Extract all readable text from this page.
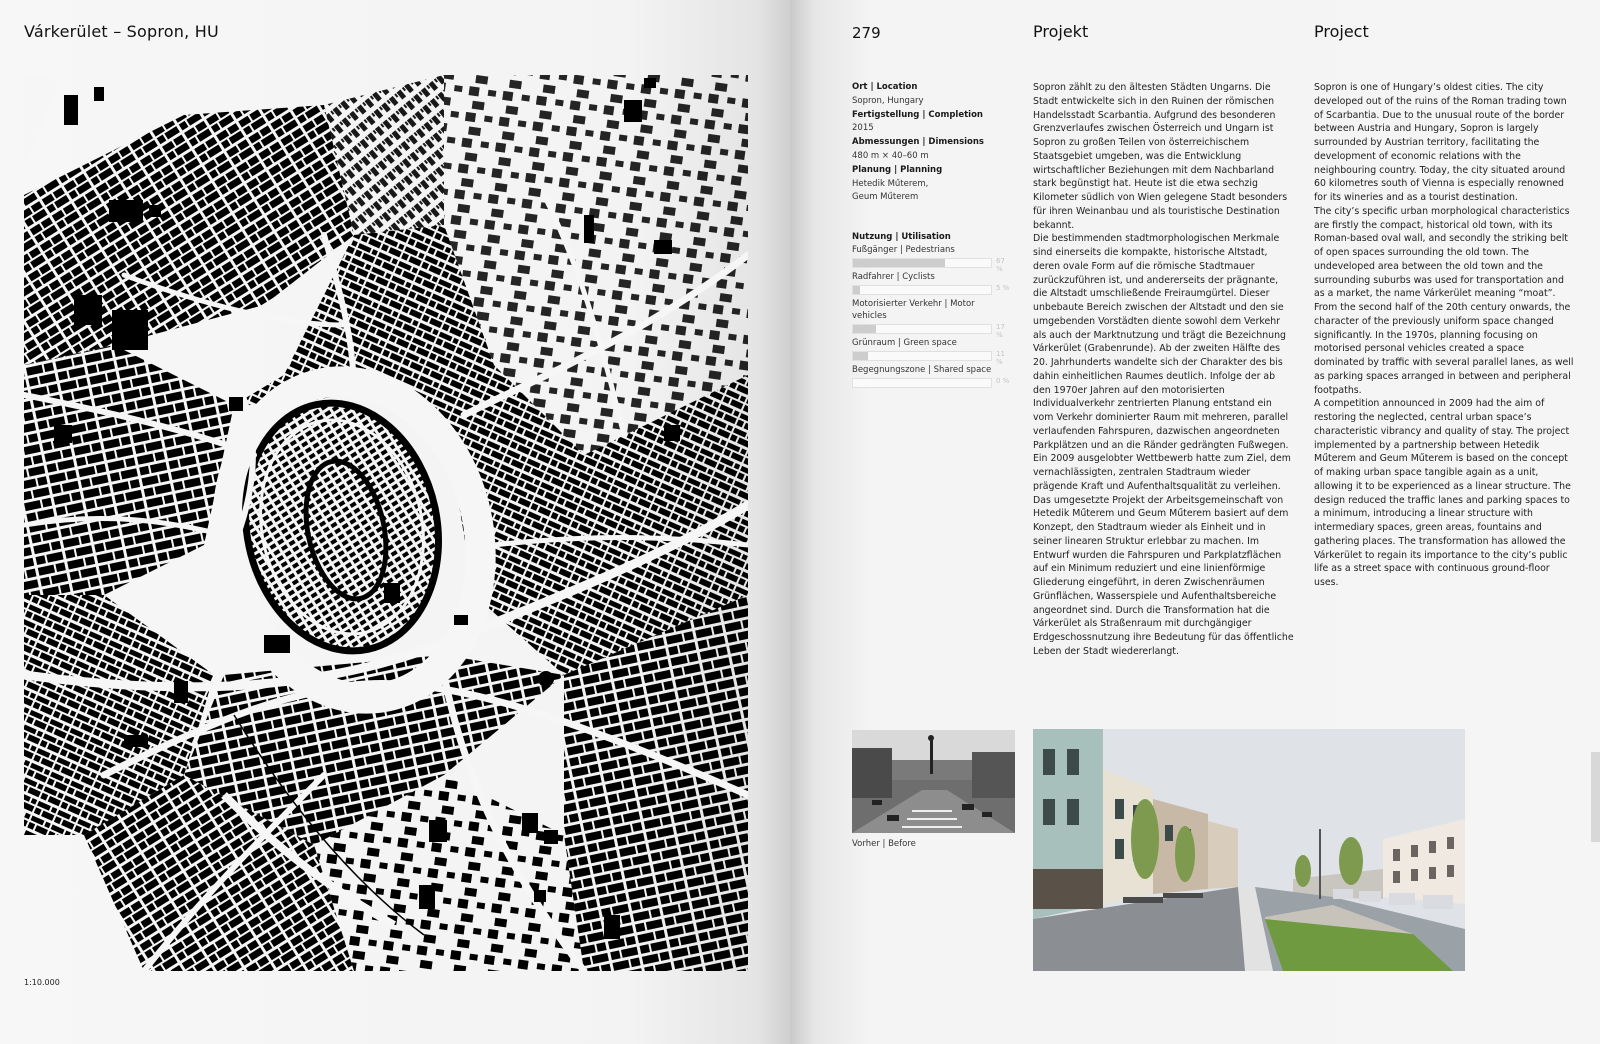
Várkerület – Sopron, HU
1:10.000
279	Projekt	Project
Ort | Location
Sopron, Hungary
Fertigstellung | Completion
2015
Abmessungen | Dimensions
480 m × 40–60 m
Planung | Planning
Hetedik Műterem,
Geum Műterem
Nutzung | Utilisation
Fußgänger | Pedestrians
67 %
Radfahrer | Cyclists
5 %
Motorisierter Verkehr | Motor vehicles
17 %
Grünraum | Green space
11 %
Begegnungszone | Shared space
0 %

Sopron zählt zu den ältesten Städten Ungarns. Die Stadt entwickelte sich in den Ruinen der römischen Handelsstadt Scarbantia. Aufgrund des besonderen Grenzverlaufes zwischen Österreich und Ungarn ist Sopron zu großen Teilen von österreichischem Staatsgebiet umgeben, was die Entwicklung wirtschaftlicher Beziehungen mit dem Nachbarland stark begünstigt hat. Heute ist die etwa sechzig Kilometer südlich von Wien gelegene Stadt besonders für ihren Weinanbau und als touristische Destination bekannt.

Die bestimmenden stadtmorphologischen Merkmale sind einerseits die kompakte, historische Altstadt, deren ovale Form auf die römische Stadtmauer zurückzuführen ist, und andererseits der prägnante, die Altstadt umschließende Freiraumgürtel. Dieser unbebaute Bereich zwischen der Altstadt und den sie umgebenden Vorstädten diente sowohl dem Verkehr als auch der Marktnutzung und trägt die Bezeichnung Várkerület (Grabenrunde). Ab der zweiten Hälfte des 20. Jahrhunderts wandelte sich der Charakter des bis dahin einheitlichen Raumes deutlich. Infolge der ab den 1970er Jahren auf den motorisierten Individualverkehr zentrierten Planung entstand ein vom Verkehr dominierter Raum mit mehreren, parallel verlaufenden Fahrspuren, dazwischen angeordneten Parkplätzen und an die Ränder gedrängten Fußwegen.

Ein 2009 ausgelobter Wettbewerb hatte zum Ziel, dem vernachlässigten, zentralen Stadtraum wieder prägende Kraft und Aufenthaltsqualität zu verleihen. Das umgesetzte Projekt der Arbeitsgemeinschaft von Hetedik Műterem und Geum Műterem basiert auf dem Konzept, den Stadtraum wieder als Einheit und in seiner linearen Struktur erlebbar zu machen. Im Entwurf wurden die Fahrspuren und Parkplatzflächen auf ein Minimum reduziert und eine linienförmige Gliederung eingeführt, in deren Zwischenräumen Grünflächen, Wasserspiele und Aufenthaltsbereiche angeordnet sind. Durch die Transformation hat die Várkerület als Straßenraum mit durchgängiger Erdgeschossnutzung ihre Bedeutung für das öffentliche Leben der Stadt wiedererlangt.

Sopron is one of Hungary’s oldest cities. The city developed out of the ruins of the Roman trading town of Scarbantia. Due to the unusual route of the border between Austria and Hungary, Sopron is largely surrounded by Austrian territory, facilitating the development of economic relations with the neighbouring country. Today, the city situated around 60 kilometres south of Vienna is especially renowned for its wineries and as a tourist destination.

The city’s specific urban morphological characteristics are firstly the compact, historical old town, with its Roman-based oval wall, and secondly the striking belt of open spaces surrounding the old town. The undeveloped area between the old town and the surrounding suburbs was used for transportation and as a market, the name Várkerület meaning “moat”. From the second half of the 20th century onwards, the character of the previously uniform space changed significantly. In the 1970s, planning focusing on motorised personal vehicles created a space dominated by traffic with several parallel lanes, as well as parking spaces arranged in between and peripheral footpaths.

A competition announced in 2009 had the aim of restoring the neglected, central urban space’s characteristic vibrancy and quality of stay. The project implemented by a partnership between Hetedik Műterem and Geum Műterem is based on the concept of making urban space tangible again as a unit, allowing it to be experienced as a linear structure. The design reduced the traffic lanes and parking spaces to a minimum, introducing a linear structure with intermediary spaces, green areas, fountains and gathering places. The transformation has allowed the Várkerület to regain its importance to the city’s public life as a street space with continuous ground-floor uses.

Vorher | Before
